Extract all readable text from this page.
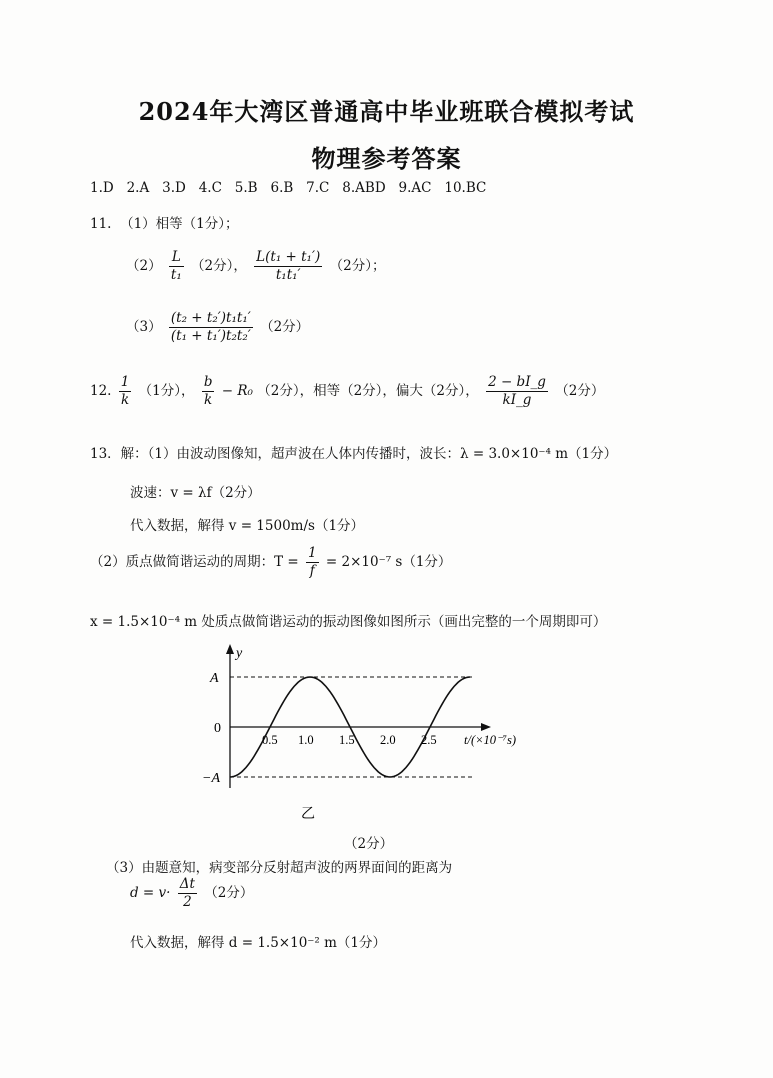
2024年大湾区普通高中毕业班联合模拟考试
物理参考答案
1.D 2.A 3.D 4.C 5.B 6.B 7.C 8.ABD 9.AC 10.BC
11. （1）相等（1分）；
$(2) \frac{L}{\text{t₁}} (2$分）， $\frac{\text{L(t₁ + t₁′)}}{\text{t₁t₁′}} (2$分）；
$(3) \frac{\text{(t₂ + t₂′)t₁t₁′}}{\text{(t₁ + t₁′)t₂t₂′}} (2$分）
12. $\frac{1}{k} (1$分）， $\frac{b}{k} - R_0$ （2分），相等（2分），偏大（2分）， $\frac{2 - bI\_g}{kI\_g} (2$分）
13．解：（1）由波动图像知，超声波在人体内传播时，波长：λ = 3.0×10⁻⁴ m（1分）
波速：v = λf（2分）
代入数据，解得 v = 1500m/s（1分）
（2）质点做简谐运动的周期：$T = \frac{1}{f} = 2\times 10^{-7}$ s（1分）
x = 1.5×10⁻⁴ m 处质点做简谐运动的振动图像如图所示（画出完整的一个周期即可）
y
A
0
−A
0.5 1.0 1.5 2.0 2.5 t/(×10⁻⁷s)
乙
（2分）
（3）由题意知，病变部分反射超声波的两界面间的距离为
$d = v\cdot \frac{\Delta t}{2} (2$分）
代入数据，解得 d = 1.5×10⁻² m（1分）
